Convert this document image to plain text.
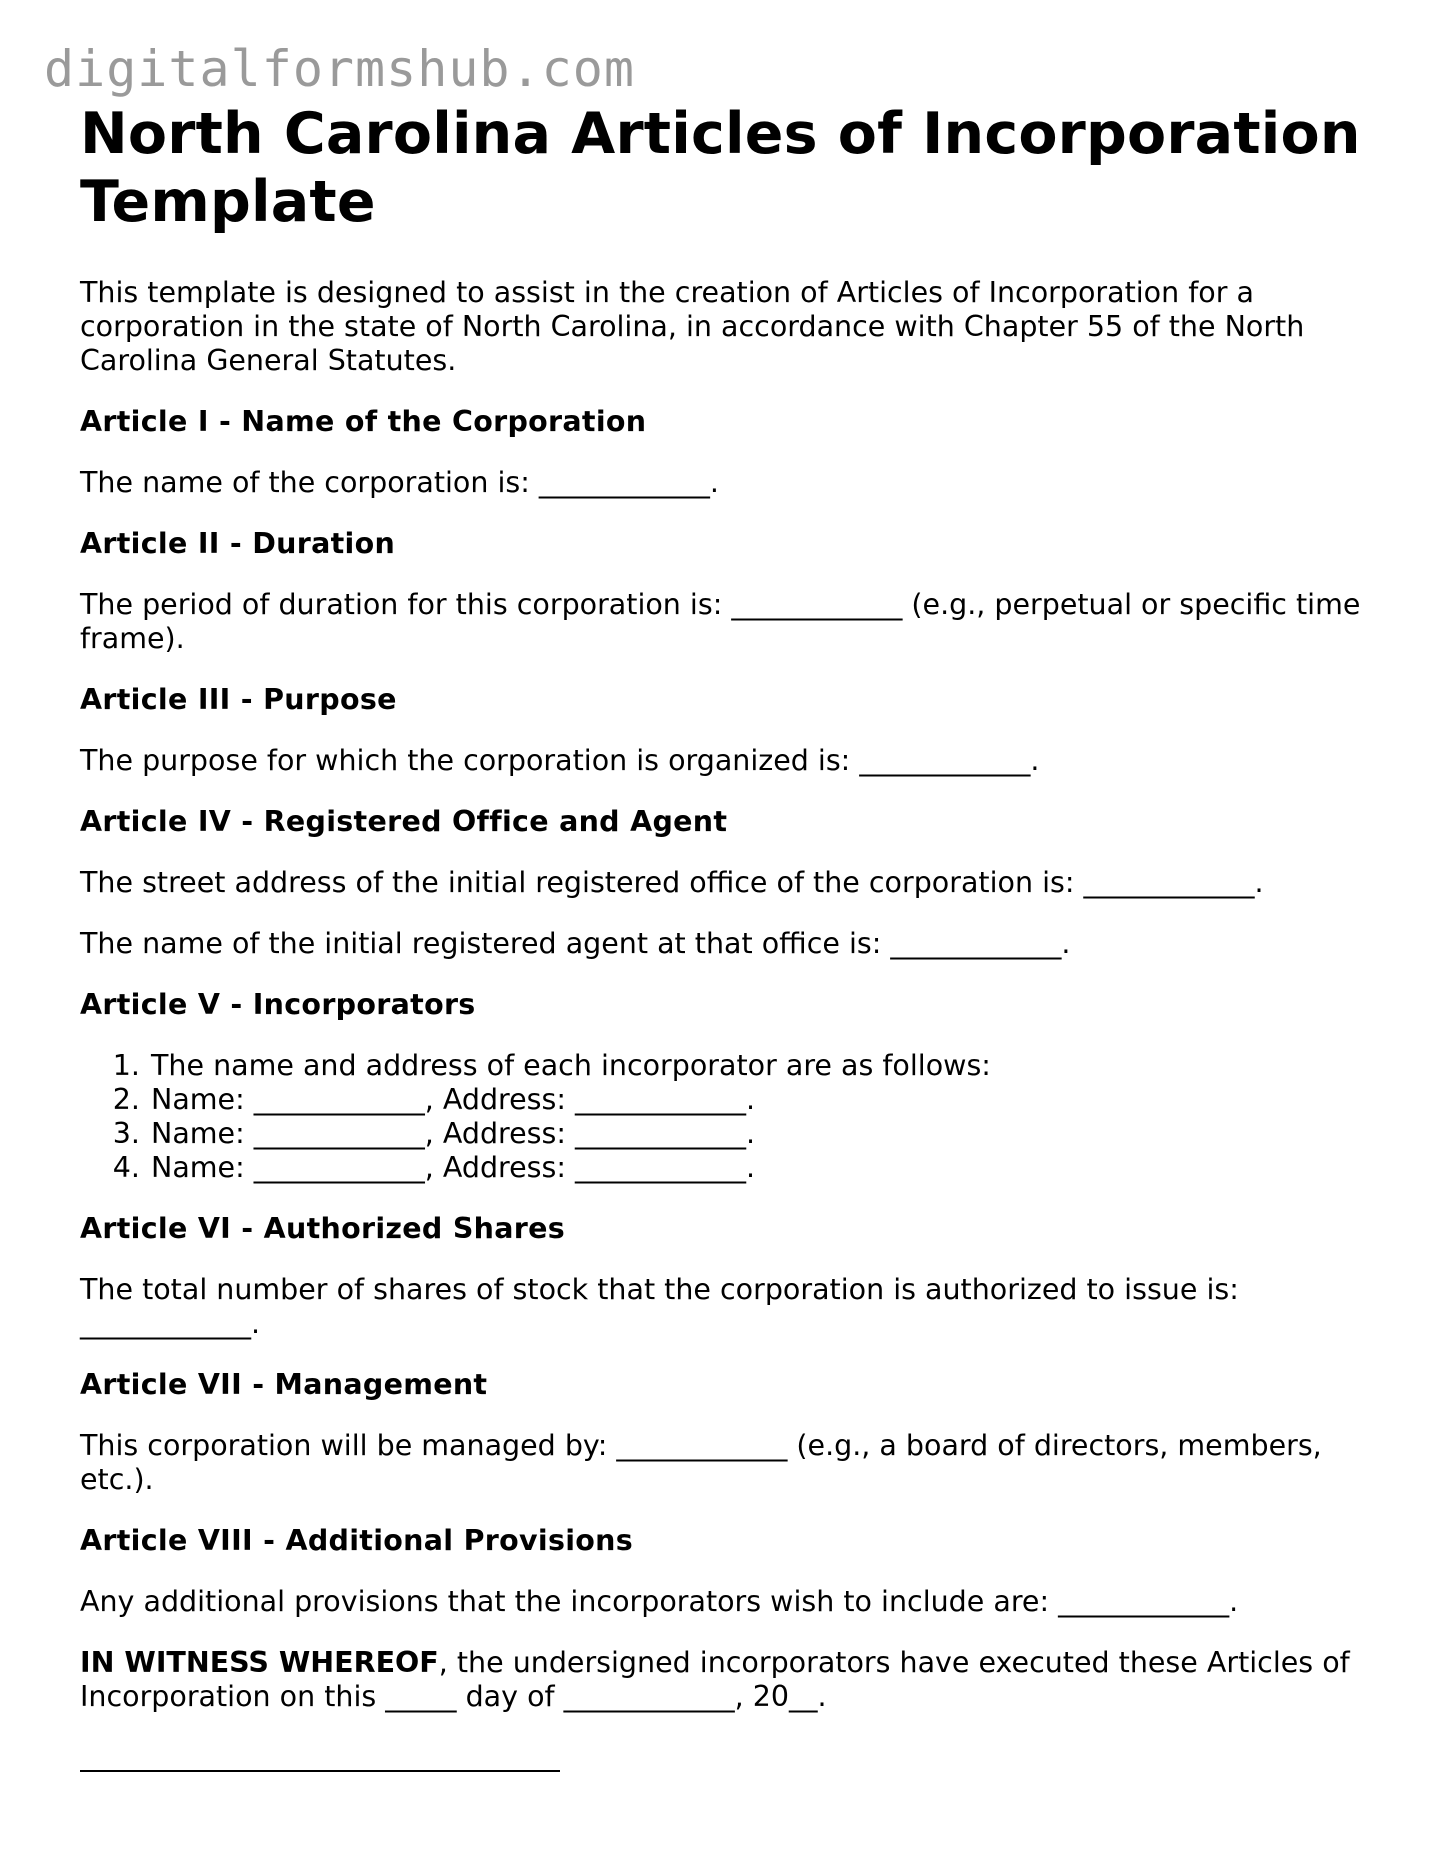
digitalformshub.com
North Carolina Articles of Incorporation Template

This template is designed to assist in the creation of Articles of Incorporation for a corporation in the state of North Carolina, in accordance with Chapter 55 of the North Carolina General Statutes.

Article I - Name of the Corporation

The name of the corporation is: ____________.

Article II - Duration

The period of duration for this corporation is: ____________ (e.g., perpetual or specific time frame).

Article III - Purpose

The purpose for which the corporation is organized is: ____________.

Article IV - Registered Office and Agent

The street address of the initial registered office of the corporation is: ____________.

The name of the initial registered agent at that office is: ____________.

Article V - Incorporators
1. The name and address of each incorporator are as follows:
2. Name: ____________, Address: ____________.
3. Name: ____________, Address: ____________.
4. Name: ____________, Address: ____________.
Article VI - Authorized Shares

The total number of shares of stock that the corporation is authorized to issue is: ____________.

Article VII - Management

This corporation will be managed by: ____________ (e.g., a board of directors, members, etc.).

Article VIII - Additional Provisions

Any additional provisions that the incorporators wish to include are: ____________.

IN WITNESS WHEREOF, the undersigned incorporators have executed these Articles of Incorporation on this _____ day of ____________, 20__.
